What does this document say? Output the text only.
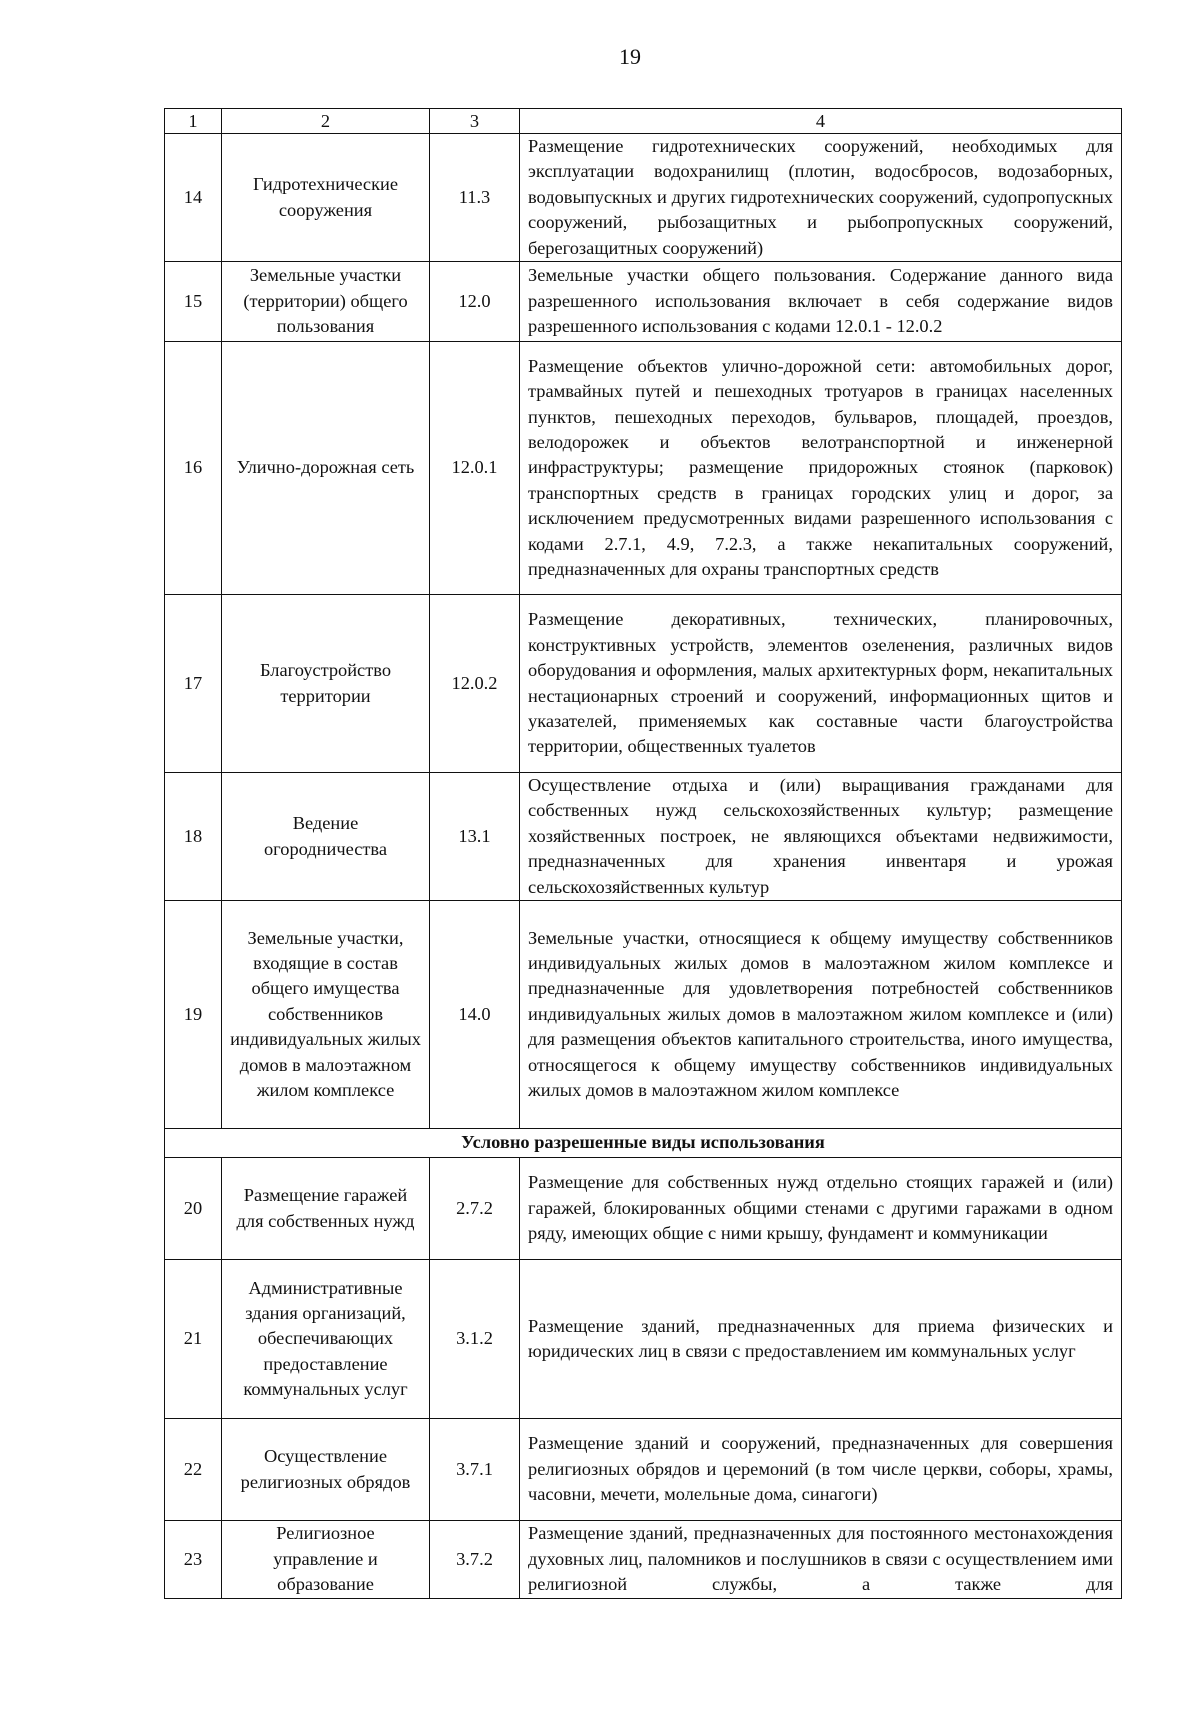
19
1	2	3	4
14	Гидротехнические сооружения	11.3	Размещение гидротехнических сооружений, необходимых для эксплуатации водохранилищ (плотин, водосбросов, водозаборных, водовыпускных и других гидротехнических сооружений, судопропускных сооружений, рыбозащитных и рыбопропускных сооружений, берегозащитных сооружений)
15	Земельные участки (территории) общего пользования	12.0	Земельные участки общего пользования. Содержание данного вида разрешенного использования включает в себя содержание видов разрешенного использования с кодами 12.0.1 - 12.0.2
16	Улично-дорожная сеть	12.0.1	Размещение объектов улично-дорожной сети: автомобильных дорог, трамвайных путей и пешеходных тротуаров в границах населенных пунктов, пешеходных переходов, бульваров, площадей, проездов, велодорожек и объектов велотранспортной и инженерной инфраструктуры; размещение придорожных стоянок (парковок) транспортных средств в границах городских улиц и дорог, за исключением предусмотренных видами разрешенного использования с кодами 2.7.1, 4.9, 7.2.3, а также некапитальных сооружений, предназначенных для охраны транспортных средств
17	Благоустройство территории	12.0.2	Размещение декоративных, технических, планировочных, конструктивных устройств, элементов озеленения, различных видов оборудования и оформления, малых архитектурных форм, некапитальных нестационарных строений и сооружений, информационных щитов и указателей, применяемых как составные части благоустройства территории, общественных туалетов
18	Ведение огородничества	13.1	Осуществление отдыха и (или) выращивания гражданами для собственных нужд сельскохозяйственных культур; размещение хозяйственных построек, не являющихся объектами недвижимости, предназначенных для хранения инвентаря и урожая сельскохозяйственных культур
19	Земельные участки, входящие в состав общего имущества собственников индивидуальных жилых домов в малоэтажном жилом комплексе	14.0	Земельные участки, относящиеся к общему имуществу собственников индивидуальных жилых домов в малоэтажном жилом комплексе и предназначенные для удовлетворения потребностей собственников индивидуальных жилых домов в малоэтажном жилом комплексе и (или) для размещения объектов капитального строительства, иного имущества, относящегося к общему имуществу собственников индивидуальных жилых домов в малоэтажном жилом комплексе
Условно разрешенные виды использования			
20	Размещение гаражей для собственных нужд	2.7.2	Размещение для собственных нужд отдельно стоящих гаражей и (или) гаражей, блокированных общими стенами с другими гаражами в одном ряду, имеющих общие с ними крышу, фундамент и коммуникации
21	Административные здания организаций, обеспечивающих предоставление коммунальных услуг	3.1.2	Размещение зданий, предназначенных для приема физических и юридических лиц в связи с предоставлением им коммунальных услуг
22	Осуществление религиозных обрядов	3.7.1	Размещение зданий и сооружений, предназначенных для совершения религиозных обрядов и церемоний (в том числе церкви, соборы, храмы, часовни, мечети, молельные дома, синагоги)
23	Религиозное управление и образование	3.7.2	Размещение зданий, предназначенных для постоянного местонахождения духовных лиц, паломников и послушников в связи с осуществлением ими религиозной службы, а также для
